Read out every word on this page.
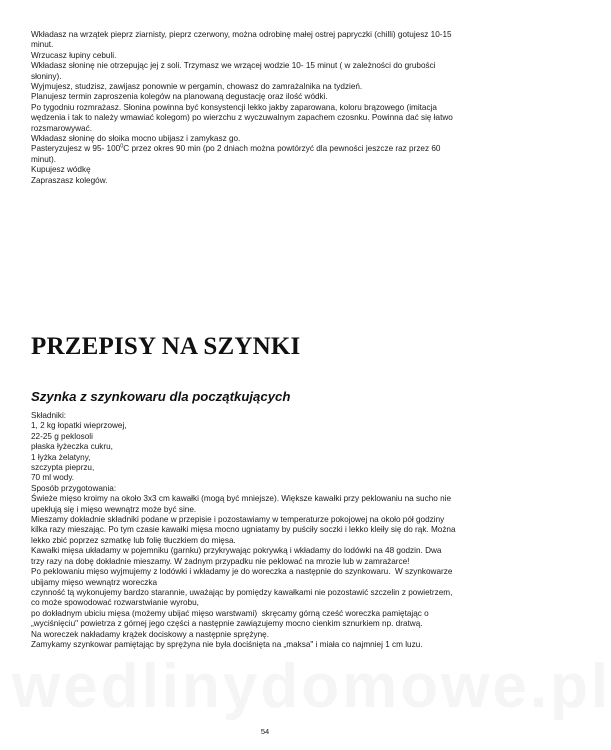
wedlinydomowe.pl

Wkładasz na wrzątek pieprz ziarnisty, pieprz czerwony, można odrobinę małej ostrej papryczki (chilli) gotujesz 10-15

minut.

Wrzucasz łupiny cebuli.

Wkładasz słoninę nie otrzepując jej z soli. Trzymasz we wrzącej wodzie 10- 15 minut ( w zależności do grubości

słoniny).

Wyjmujesz, studzisz, zawijasz ponownie w pergamin, chowasz do zamrażalnika na tydzień.

Planujesz termin zaproszenia kolegów na planowaną degustację oraz ilość wódki.

Po tygodniu rozmrażasz. Słonina powinna być konsystencji lekko jakby zaparowana, koloru brązowego (imitacja

wędzenia i tak to należy wmawiać kolegom) po wierzchu z wyczuwalnym zapachem czosnku. Powinna dać się łatwo

rozsmarowywać.

Wkładasz słoninę do słoika mocno ubijasz i zamykasz go.

Pasteryzujesz w 95- $100^0C$ przez okres 90 min (po 2 dniach można powtórzyć dla pewności jeszcze raz przez 60

minut).

Kupujesz wódkę

Zapraszasz kolegów.

PRZEPISY NA SZYNKI
Szynka z szynkowaru dla początkujących

Składniki:

1, 2 kg łopatki wieprzowej,

22-25 g peklosoli

płaska łyżeczka cukru,

1 łyżka żelatyny,

szczypta pieprzu,

70 ml wody.

Sposób przygotowania:

Świeże mięso kroimy na około 3x3 cm kawałki (mogą być mniejsze). Większe kawałki przy peklowaniu na sucho nie

upekłują się i mięso wewnątrz może być sine.

Mieszamy dokładnie składniki podane w przepisie i pozostawiamy w temperaturze pokojowej na około pół godziny

kilka razy mieszając. Po tym czasie kawałki mięsa mocno ugniatamy by puściły soczki i lekko kleiły się do rąk. Można

lekko zbić poprzez szmatkę lub folię tłuczkiem do mięsa.

Kawałki mięsa układamy w pojemniku (garnku) przykrywając pokrywką i wkładamy do lodówki na 48 godzin. Dwa

trzy razy na dobę dokładnie mieszamy. W żadnym przypadku nie peklować na mrozie lub w zamrażarce!

Po peklowaniu mięso wyjmujemy z lodówki i wkładamy je do woreczka a następnie do szynkowaru.  W szynkowarze

ubijamy mięso wewnątrz woreczka

czynność tą wykonujemy bardzo starannie, uważając by pomiędzy kawałkami nie pozostawić szczelin z powietrzem,

co może spowodować rozwarstwianie wyrobu,

po dokładnym ubiciu mięsa (możemy ubijać mięso warstwami)  skręcamy górną cześć woreczka pamiętając o

„wyciśnięciu" powietrza z górnej jego części a następnie zawiązujemy mocno cienkim sznurkiem np. dratwą.

Na woreczek nakładamy krążek dociskowy a następnie sprężynę.

Zamykamy szynkowar pamiętając by sprężyna nie była dociśnięta na „maksa" i miała co najmniej 1 cm luzu.

54
